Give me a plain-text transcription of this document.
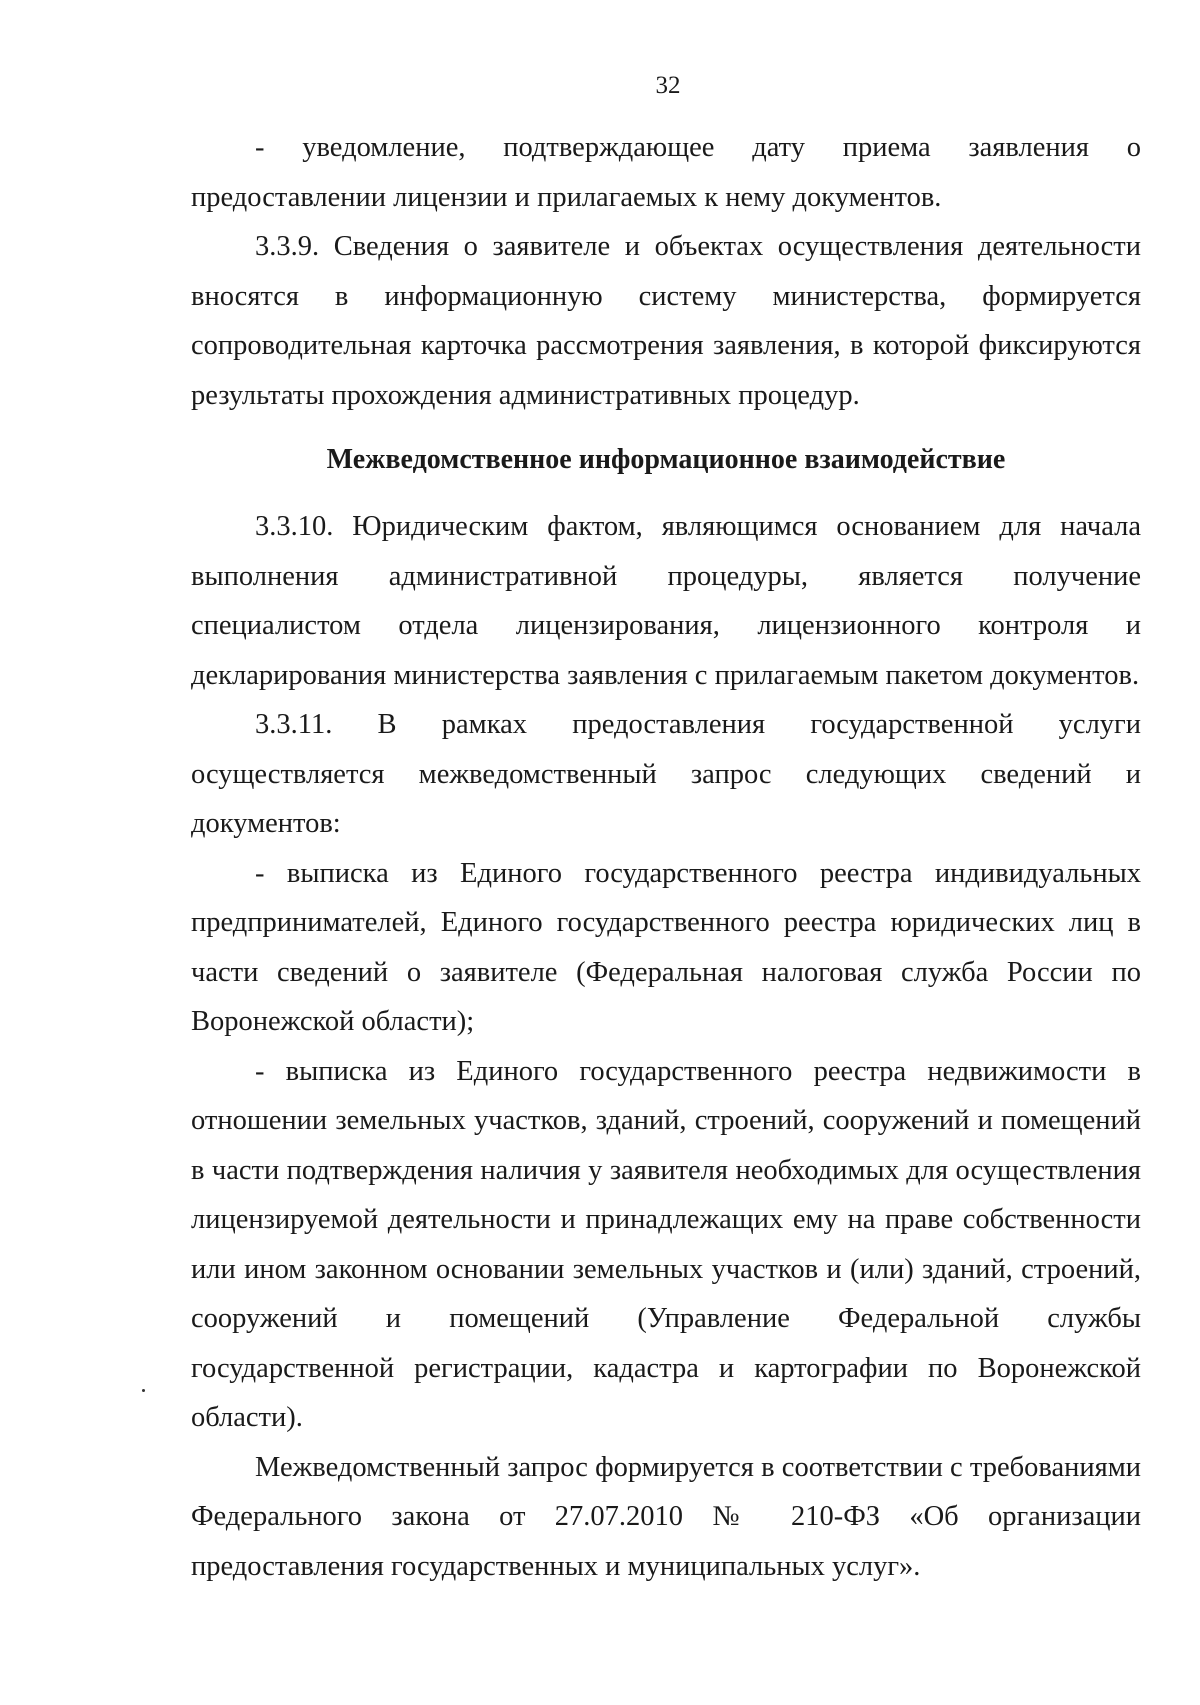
32

- уведомление, подтверждающее дату приема заявления о предоставлении лицензии и прилагаемых к нему документов.

3.3.9. Сведения о заявителе и объектах осуществления деятельности вносятся в информационную систему министерства, формируется сопроводительная карточка рассмотрения заявления, в которой фиксируются результаты прохождения административных процедур.

Межведомственное информационное взаимодействие

3.3.10. Юридическим фактом, являющимся основанием для начала выполнения административной процедуры, является получение специалистом отдела лицензирования, лицензионного контроля и декларирования министерства заявления с прилагаемым пакетом документов.

3.3.11. В рамках предоставления государственной услуги осуществляется межведомственный запрос следующих сведений и документов:

- выписка из Единого государственного реестра индивидуальных предпринимателей, Единого государственного реестра юридических лиц в части сведений о заявителе (Федеральная налоговая служба России по Воронежской области);

- выписка из Единого государственного реестра недвижимости в отношении земельных участков, зданий, строений, сооружений и помещений в части подтверждения наличия у заявителя необходимых для осуществления лицензируемой деятельности и принадлежащих ему на праве собственности или ином законном основании земельных участков и (или) зданий, строений, сооружений и помещений (Управление Федеральной службы государственной регистрации, кадастра и картографии по Воронежской области).

Межведомственный запрос формируется в соответствии с требованиями Федерального закона от 27.07.2010 № 210-ФЗ «Об организации предоставления государственных и муниципальных услуг».
